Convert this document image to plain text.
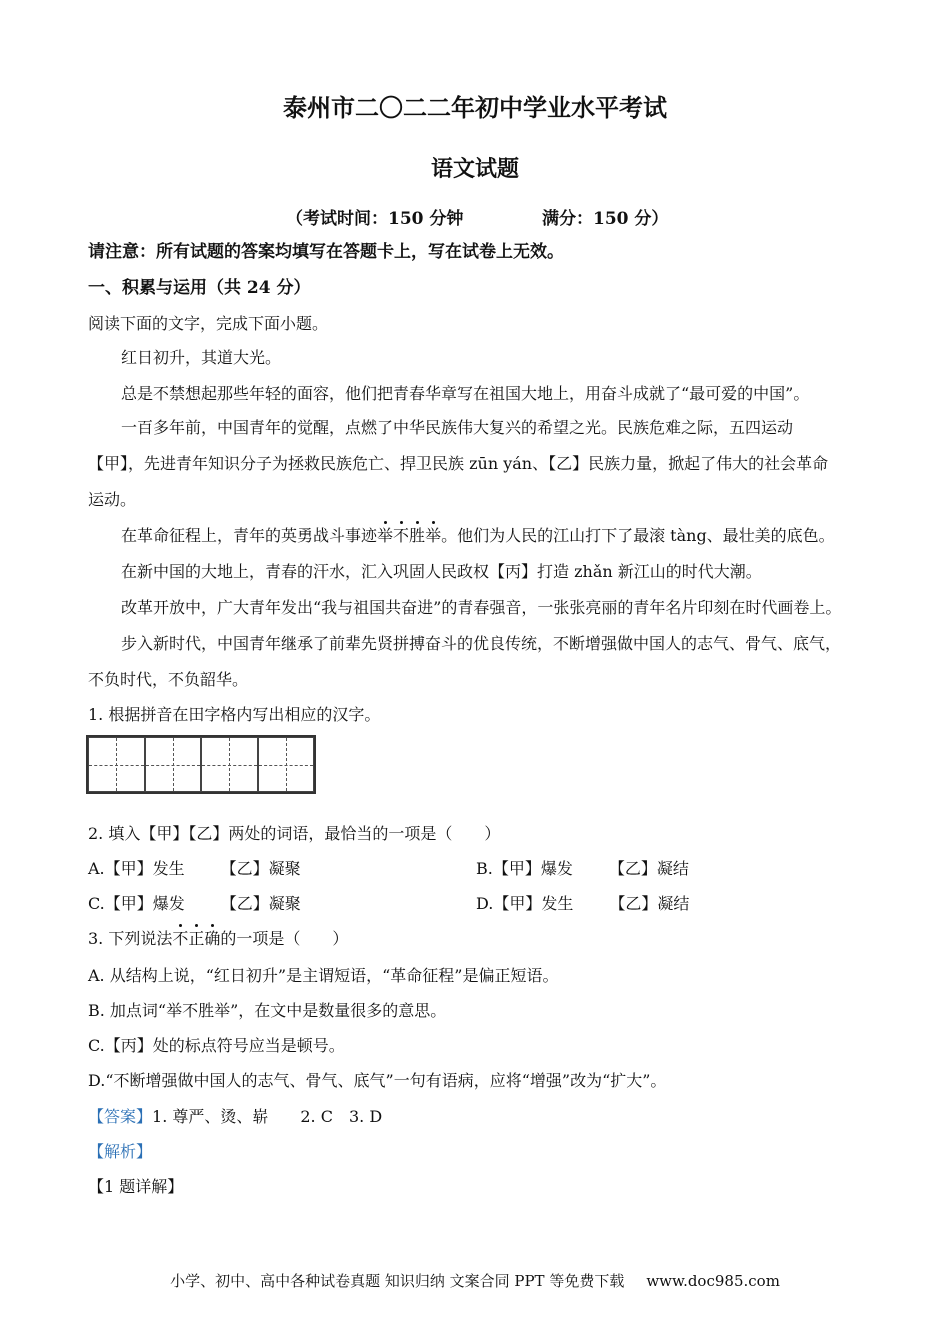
泰州市二〇二二年初中学业水平考试
语文试题
（考试时间：150 分钟	满分：150 分）
请注意：所有试题的答案均填写在答题卡上，写在试卷上无效。
一、积累与运用（共 24 分）
阅读下面的文字，完成下面小题。
红日初升，其道大光。
总是不禁想起那些年轻的面容，他们把青春华章写在祖国大地上，用奋斗成就了“最可爱的中国”。
一百多年前，中国青年的觉醒，点燃了中华民族伟大复兴的希望之光。民族危难之际，五四运动
【甲】，先进青年知识分子为拯救民族危亡、捍卫民族 zūn yán、【乙】民族力量，掀起了伟大的社会革命
运动。
在革命征程上，青年的英勇战斗事迹举不胜举。他们为人民的江山打下了最滚 tàng、最壮美的底色。
在新中国的大地上，青春的汗水，汇入巩固人民政权【丙】打造 zhǎn 新江山的时代大潮。
改革开放中，广大青年发出“我与祖国共奋进”的青春强音，一张张亮丽的青年名片印刻在时代画卷上。
步入新时代，中国青年继承了前辈先贤拼搏奋斗的优良传统，不断增强做中国人的志气、骨气、底气，
不负时代，不负韶华。
1. 根据拼音在田字格内写出相应的汉字。
2. 填入【甲】【乙】两处的词语，最恰当的一项是（　　）
A.【甲】发生 【乙】凝聚	B.【甲】爆发 【乙】凝结
C.【甲】爆发 【乙】凝聚	D.【甲】发生 【乙】凝结
3. 下列说法不正确的一项是（　　）
A. 从结构上说，“红日初升”是主谓短语，“革命征程”是偏正短语。
B. 加点词“举不胜举”，在文中是数量很多的意思。
C.【丙】处的标点符号应当是顿号。
D.“不断增强做中国人的志气、骨气、底气”一句有语病，应将“增强”改为“扩大”。
【答案】1. 尊严、烫、崭　　2. C　3. D
【解析】
【1 题详解】
小学、初中、高中各种试卷真题 知识归纳 文案合同 PPT 等免费下载 www.doc985.com
